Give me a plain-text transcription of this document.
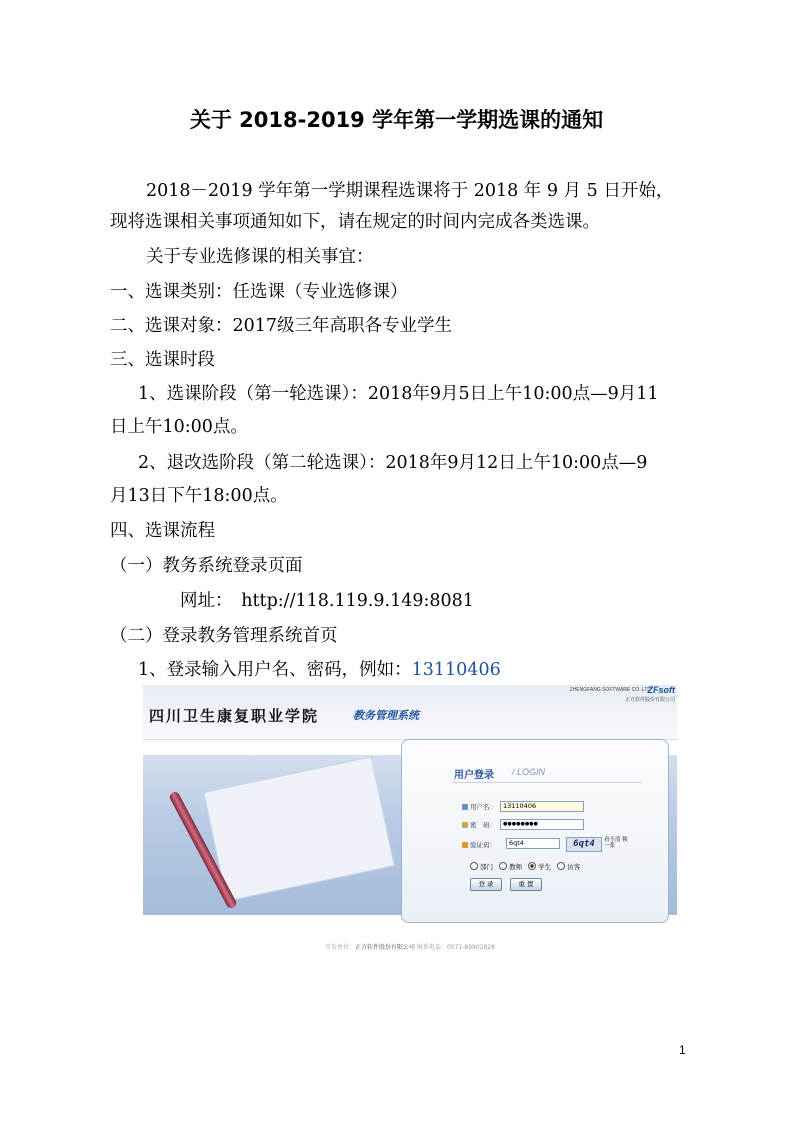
关于 2018-2019 学年第一学期选课的通知
2018－2019 学年第一学期课程选课将于 2018 年 9 月 5 日开始，
现将选课相关事项通知如下，请在规定的时间内完成各类选课。
关于专业选修课的相关事宜：
一、选课类别：任选课（专业选修课）
二、选课对象：2017级三年高职各专业学生
三、选课时段
1、选课阶段（第一轮选课）：2018年9月5日上午10:00点—9月11
日上午10:00点。
2、退改选阶段（第二轮选课）：2018年9月12日上午10:00点—9
月13日下午18:00点。
四、选课流程
（一）教务系统登录页面
网址：　http://118.119.9.149:8081
（二）登录教务管理系统首页
1、登录输入用户名、密码，例如：13110406
四川卫生康复职业学院	教务管理系统
ZHENGFANG SOFTWARE CO.,LTD
ZFsoft
正方软件股份有限公司
用户登录 / LOGIN
用户名：	13110406
密　码：	●●●●●●●●
验证码：	6qt4	6qt4	看不清 换一张
部门 教师 学生 访客
登 录	重 置
开发单位：正方软件股份有限公司 联系电话：0571-89902828
1
